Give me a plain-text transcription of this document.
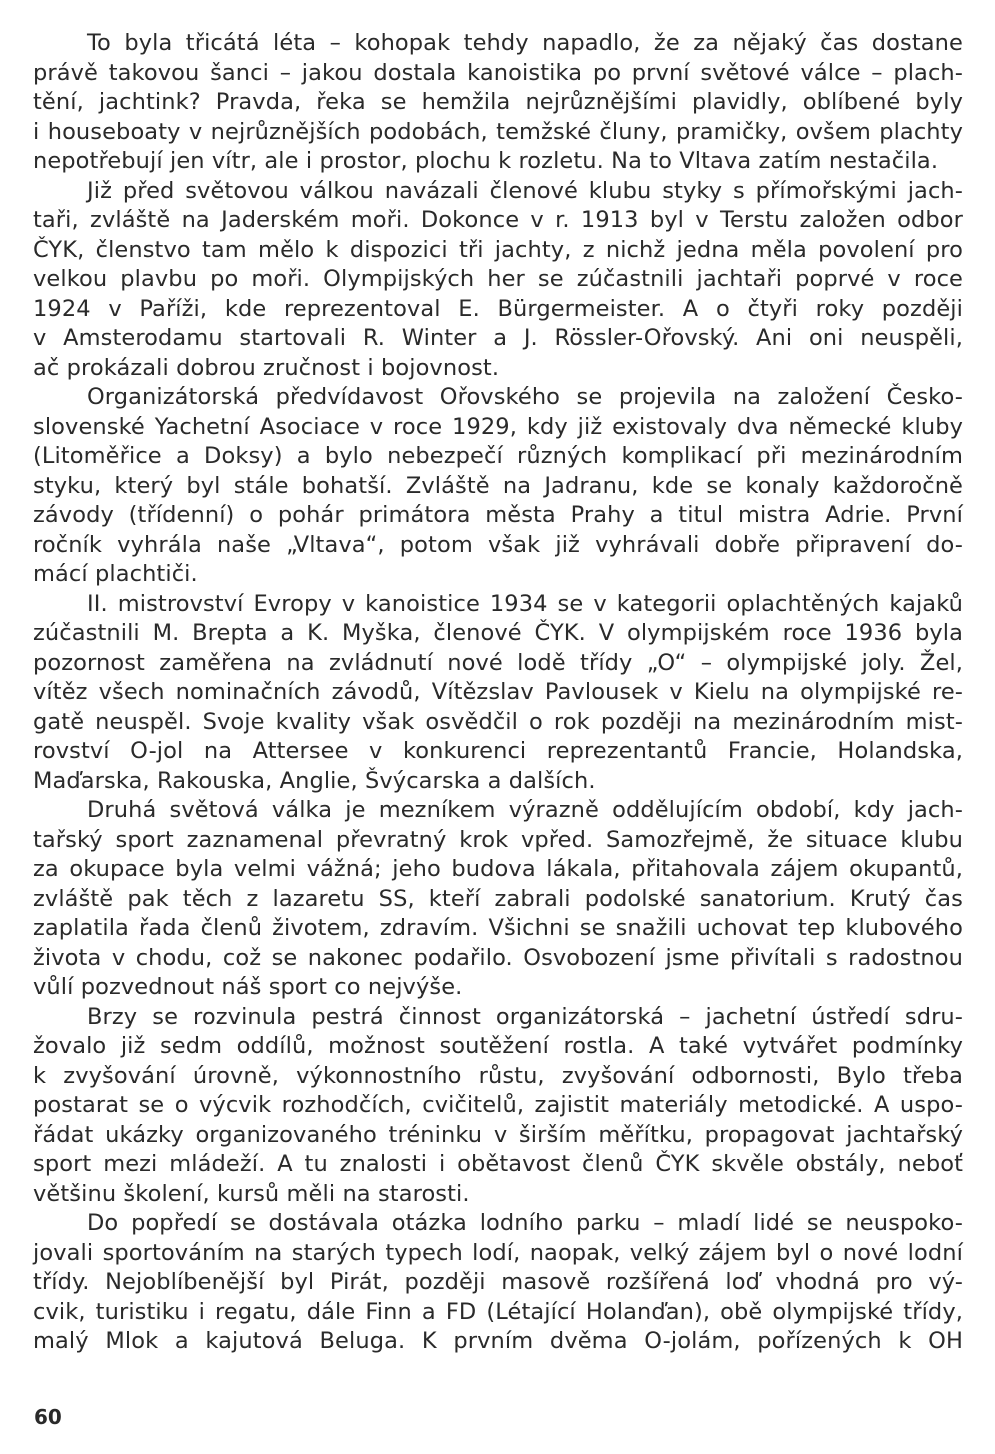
To byla třicátá léta – kohopak tehdy napadlo, že za nějaký čas dostane
právě takovou šanci – jakou dostala kanoistika po první světové válce – plach-
tění, jachtink? Pravda, řeka se hemžila nejrůznějšími plavidly, oblíbené byly
i houseboaty v nejrůznějších podobách, temžské čluny, pramičky, ovšem plachty
nepotřebují jen vítr, ale i prostor, plochu k rozletu. Na to Vltava zatím nestačila.
Již před světovou válkou navázali členové klubu styky s přímořskými jach-
taři, zvláště na Jaderském moři. Dokonce v r. 1913 byl v Terstu založen odbor
ČYK, členstvo tam mělo k dispozici tři jachty, z nichž jedna měla povolení pro
velkou plavbu po moři. Olympijských her se zúčastnili jachtaři poprvé v roce
1924 v Paříži, kde reprezentoval E. Bürgermeister. A o čtyři roky později
v Amsterodamu startovali R. Winter a J. Rössler-Ořovský. Ani oni neuspěli,
ač prokázali dobrou zručnost i bojovnost.
Organizátorská předvídavost Ořovského se projevila na založení Česko-
slovenské Yachetní Asociace v roce 1929, kdy již existovaly dva německé kluby
(Litoměřice a Doksy) a bylo nebezpečí různých komplikací při mezinárodním
styku, který byl stále bohatší. Zvláště na Jadranu, kde se konaly každoročně
závody (třídenní) o pohár primátora města Prahy a titul mistra Adrie. První
ročník vyhrála naše „Vltava“, potom však již vyhrávali dobře připravení do-
mácí plachtiči.
II. mistrovství Evropy v kanoistice 1934 se v kategorii oplachtěných kajaků
zúčastnili M. Brepta a K. Myška, členové ČYK. V olympijském roce 1936 byla
pozornost zaměřena na zvládnutí nové lodě třídy „O“ – olympijské joly. Žel,
vítěz všech nominačních závodů, Vítězslav Pavlousek v Kielu na olympijské re-
gatě neuspěl. Svoje kvality však osvědčil o rok později na mezinárodním mist-
rovství O-jol na Attersee v konkurenci reprezentantů Francie, Holandska,
Maďarska, Rakouska, Anglie, Švýcarska a dalších.
Druhá světová válka je mezníkem výrazně oddělujícím období, kdy jach-
tařský sport zaznamenal převratný krok vpřed. Samozřejmě, že situace klubu
za okupace byla velmi vážná; jeho budova lákala, přitahovala zájem okupantů,
zvláště pak těch z lazaretu SS, kteří zabrali podolské sanatorium. Krutý čas
zaplatila řada členů životem, zdravím. Všichni se snažili uchovat tep klubového
života v chodu, což se nakonec podařilo. Osvobození jsme přivítali s radostnou
vůlí pozvednout náš sport co nejvýše.
Brzy se rozvinula pestrá činnost organizátorská – jachetní ústředí sdru-
žovalo již sedm oddílů, možnost soutěžení rostla. A také vytvářet podmínky
k zvyšování úrovně, výkonnostního růstu, zvyšování odbornosti, Bylo třeba
postarat se o výcvik rozhodčích, cvičitelů, zajistit materiály metodické. A uspo-
řádat ukázky organizovaného tréninku v širším měřítku, propagovat jachtařský
sport mezi mládeží. A tu znalosti i obětavost členů ČYK skvěle obstály, neboť
většinu školení, kursů měli na starosti.
Do popředí se dostávala otázka lodního parku – mladí lidé se neuspoko-
jovali sportováním na starých typech lodí, naopak, velký zájem byl o nové lodní
třídy. Nejoblíbenější byl Pirát, později masově rozšířená loď vhodná pro vý-
cvik, turistiku i regatu, dále Finn a FD (Létající Holanďan), obě olympijské třídy,
malý Mlok a kajutová Beluga. K prvním dvěma O-jolám, pořízených k OH
60
